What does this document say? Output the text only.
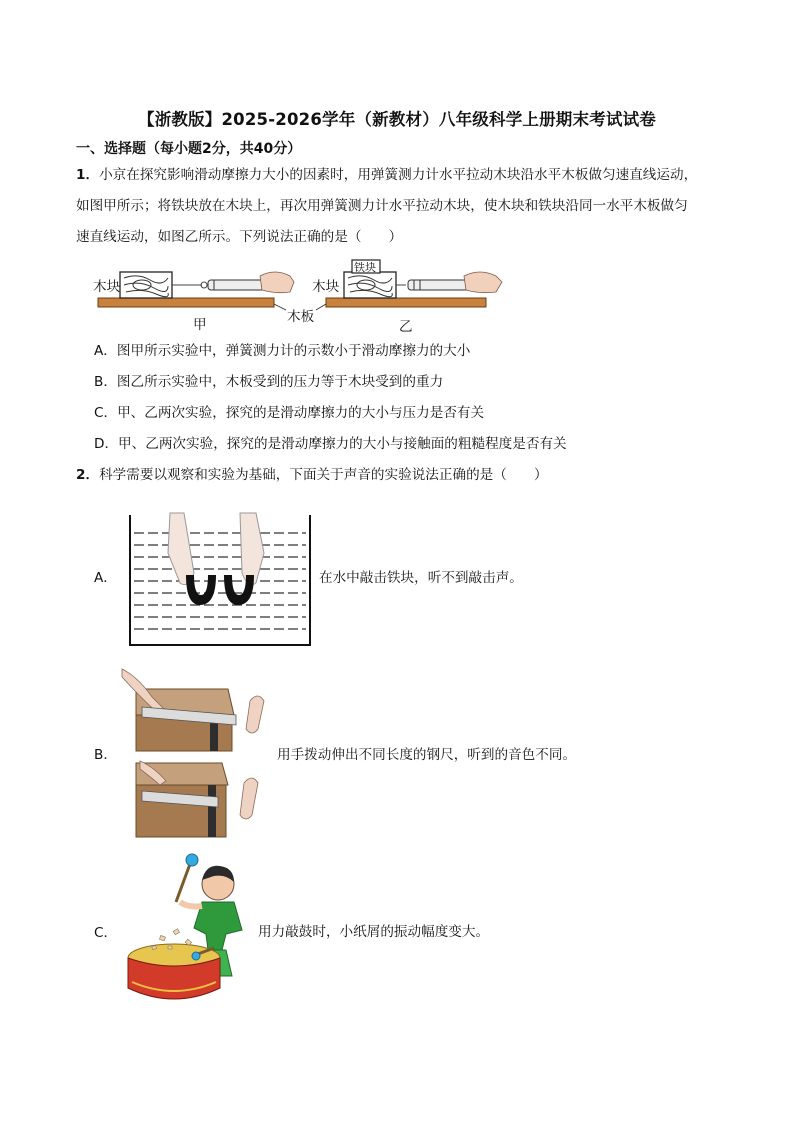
【浙教版】2025-2026学年（新教材）八年级科学上册期末考试试卷
一、选择题（每小题2分，共40分）
1．小京在探究影响滑动摩擦力大小的因素时，用弹簧测力计水平拉动木块沿水平木板做匀速直线运动，
如图甲所示；将铁块放在木块上，再次用弹簧测力计水平拉动木块，使木块和铁块沿同一水平木板做匀
速直线运动，如图乙所示。下列说法正确的是（　　）
木块	木块
铁块
木板
甲	乙
A．图甲所示实验中，弹簧测力计的示数小于滑动摩擦力的大小
B．图乙所示实验中，木板受到的压力等于木块受到的重力
C．甲、乙两次实验，探究的是滑动摩擦力的大小与压力是否有关
D．甲、乙两次实验，探究的是滑动摩擦力的大小与接触面的粗糙程度是否有关
2．科学需要以观察和实验为基础，下面关于声音的实验说法正确的是（　　）
A．	在水中敲击铁块，听不到敲击声。
B．	用手拨动伸出不同长度的钢尺，听到的音色不同。
C．	用力敲鼓时，小纸屑的振动幅度变大。
